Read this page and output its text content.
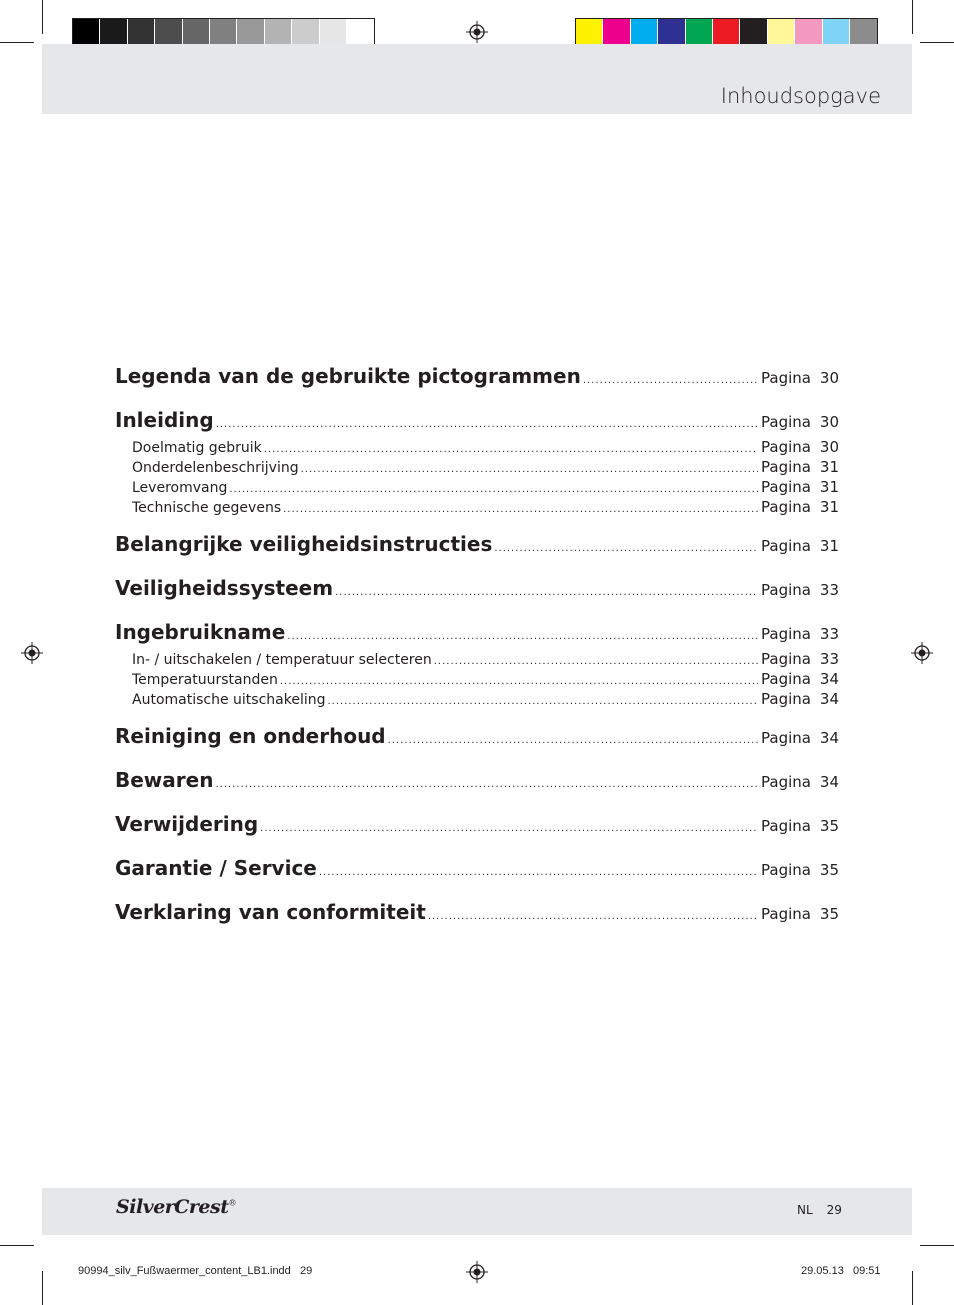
Inhoudsopgave
Legenda van de gebruikte pictogrammen .....	Pagina 30
Inleiding .....	Pagina 30
Doelmatig gebruik .....	Pagina 30
Onderdelenbeschrijving .....	Pagina 31
Leveromvang .....	Pagina 31
Technische gegevens .....	Pagina 31
Belangrijke veiligheidsinstructies .....	Pagina 31
Veiligheidssysteem .....	Pagina 33
Ingebruikname .....	Pagina 33
In- / uitschakelen / temperatuur selecteren .....	Pagina 33
Temperatuurstanden .....	Pagina 34
Automatische uitschakeling .....	Pagina 34
Reiniging en onderhoud .....	Pagina 34
Bewaren .....	Pagina 34
Verwijdering .....	Pagina 35
Garantie / Service .....	Pagina 35
Verklaring van conformiteit .....	Pagina 35
SilverCrest®	NL 29
90994_silv_Fußwaermer_content_LB1.indd   29	29.05.13   09:51
